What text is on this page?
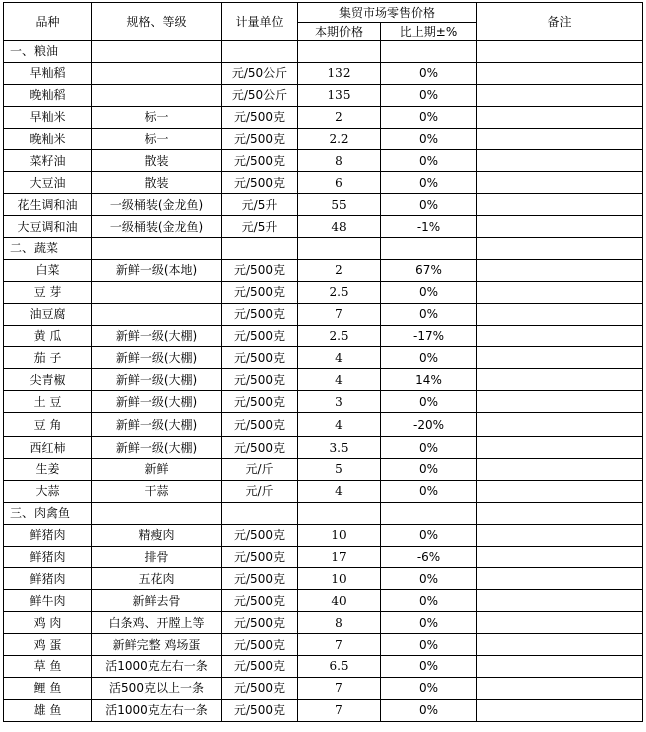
品种	规格、等级	计量单位	集贸市场零售价格		备注
			本期价格	比上期±%	
一、粮油					
早籼稻		元/50公斤	132	0%	
晚籼稻		元/50公斤	135	0%	
早籼米	标一	元/500克	2	0%	
晚籼米	标一	元/500克	2.2	0%	
菜籽油	散装	元/500克	8	0%	
大豆油	散装	元/500克	6	0%	
花生调和油	一级桶装(金龙鱼)	元/5升	55	0%	
大豆调和油	一级桶装(金龙鱼)	元/5升	48	-1%	
二、蔬菜					
白菜	新鲜一级(本地)	元/500克	2	67%	
豆 芽		元/500克	2.5	0%	
油豆腐		元/500克	7	0%	
黄 瓜	新鲜一级(大棚)	元/500克	2.5	-17%	
茄 子	新鲜一级(大棚)	元/500克	4	0%	
尖青椒	新鲜一级(大棚)	元/500克	4	14%	
土 豆	新鲜一级(大棚)	元/500克	3	0%	
豆 角	新鲜一级(大棚)	元/500克	4	-20%	
西红柿	新鲜一级(大棚)	元/500克	3.5	0%	
生姜	新鲜	元/斤	5	0%	
大蒜	干蒜	元/斤	4	0%	
三、肉禽鱼					
鲜猪肉	精瘦肉	元/500克	10	0%	
鲜猪肉	排骨	元/500克	17	-6%	
鲜猪肉	五花肉	元/500克	10	0%	
鲜牛肉	新鲜去骨	元/500克	40	0%	
鸡 肉	白条鸡、开膛上等	元/500克	8	0%	
鸡 蛋	新鲜完整 鸡场蛋	元/500克	7	0%	
草 鱼	活1000克左右一条	元/500克	6.5	0%	
鲤 鱼	活500克以上一条	元/500克	7	0%	
雄 鱼	活1000克左右一条	元/500克	7	0%	
